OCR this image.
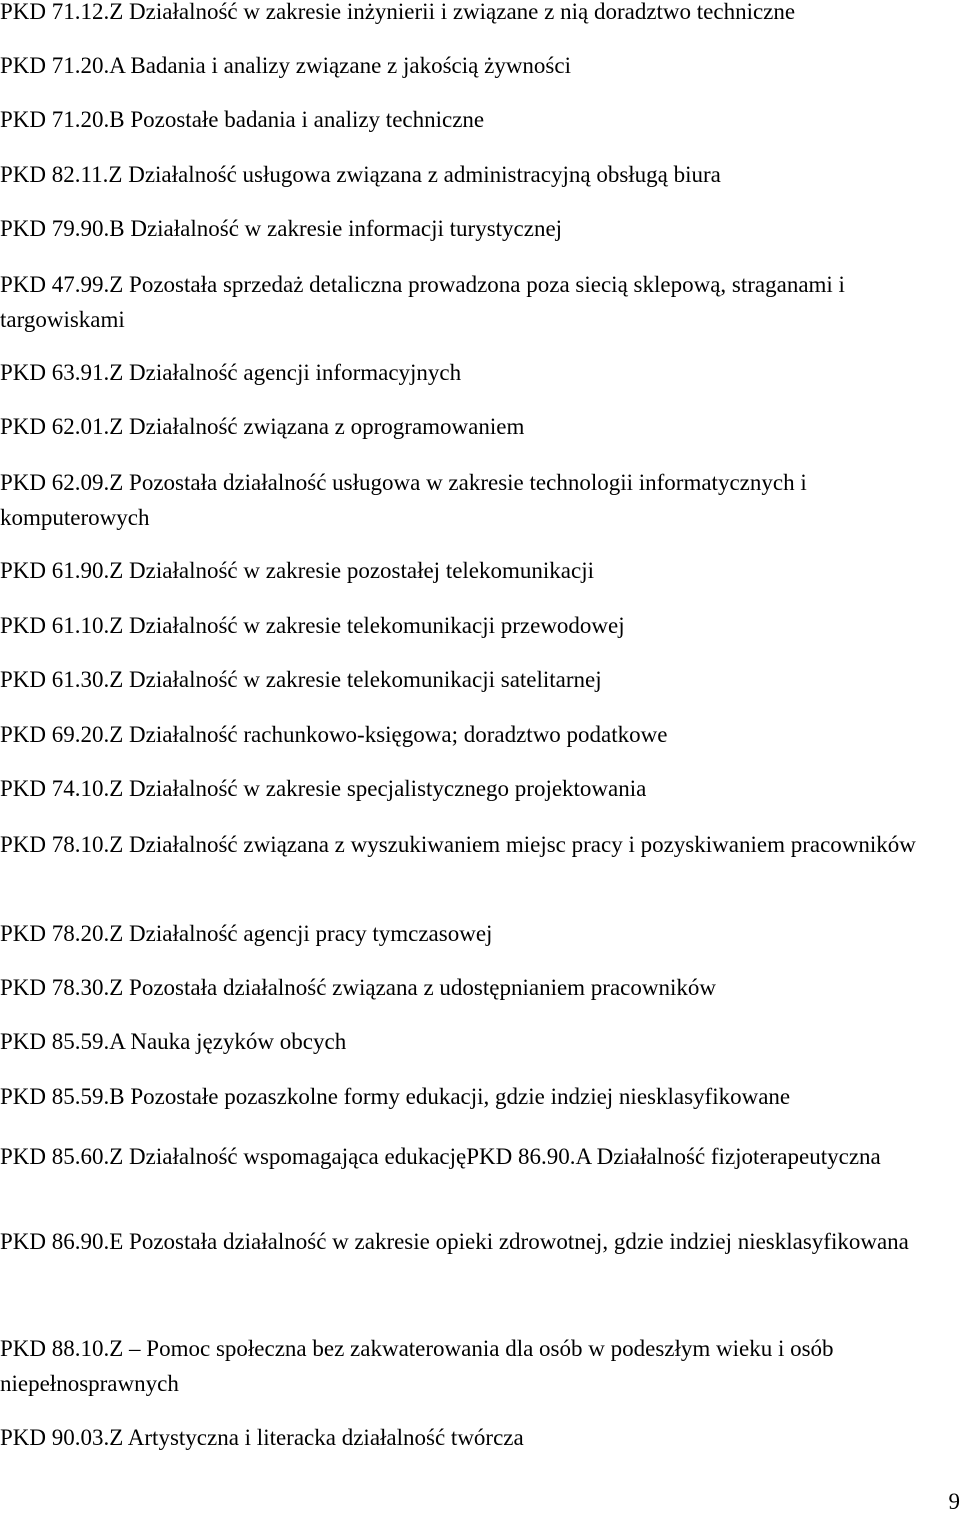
PKD 71.12.Z Działalność w zakresie inżynierii i związane z nią doradztwo techniczne
PKD 71.20.A Badania i analizy związane z jakością żywności
PKD 71.20.B Pozostałe badania i analizy techniczne
PKD 82.11.Z Działalność usługowa związana z administracyjną obsługą biura
PKD 79.90.B Działalność w zakresie informacji turystycznej
PKD 47.99.Z Pozostała sprzedaż detaliczna prowadzona poza siecią sklepową, straganami i targowiskami
PKD 63.91.Z Działalność agencji informacyjnych
PKD 62.01.Z Działalność związana z oprogramowaniem
PKD 62.09.Z Pozostała działalność usługowa w zakresie technologii informatycznych i komputerowych
PKD 61.90.Z Działalność w zakresie pozostałej telekomunikacji
PKD 61.10.Z Działalność w zakresie telekomunikacji przewodowej
PKD 61.30.Z Działalność w zakresie telekomunikacji satelitarnej
PKD 69.20.Z Działalność rachunkowo-księgowa; doradztwo podatkowe
PKD 74.10.Z Działalność w zakresie specjalistycznego projektowania
PKD 78.10.Z Działalność związana z wyszukiwaniem miejsc pracy i pozyskiwaniem pracowników
PKD 78.20.Z Działalność agencji pracy tymczasowej
PKD 78.30.Z Pozostała działalność związana z udostępnianiem pracowników
PKD 85.59.A Nauka języków obcych
PKD 85.59.B Pozostałe pozaszkolne formy edukacji, gdzie indziej niesklasyfikowane
PKD 85.60.Z Działalność wspomagająca edukacjęPKD 86.90.A Działalność fizjoterapeutyczna
PKD 86.90.E Pozostała działalność w zakresie opieki zdrowotnej, gdzie indziej niesklasyfikowana
PKD 88.10.Z – Pomoc społeczna bez zakwaterowania dla osób w podeszłym wieku i osób niepełnosprawnych
PKD 90.03.Z Artystyczna i literacka działalność twórcza
9
